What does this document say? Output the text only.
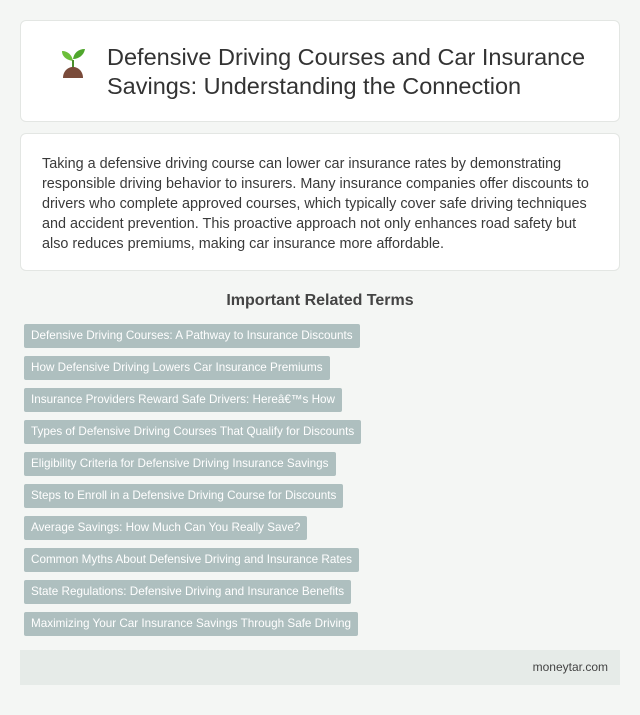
Defensive Driving Courses and Car Insurance Savings: Understanding the Connection

Taking a defensive driving course can lower car insurance rates by demonstrating responsible driving behavior to insurers. Many insurance companies offer discounts to drivers who complete approved courses, which typically cover safe driving techniques and accident prevention. This proactive approach not only enhances road safety but also reduces premiums, making car insurance more affordable.

Important Related Terms
Defensive Driving Courses: A Pathway to Insurance Discounts
How Defensive Driving Lowers Car Insurance Premiums
Insurance Providers Reward Safe Drivers: Hereâ€™s How
Types of Defensive Driving Courses That Qualify for Discounts
Eligibility Criteria for Defensive Driving Insurance Savings
Steps to Enroll in a Defensive Driving Course for Discounts
Average Savings: How Much Can You Really Save?
Common Myths About Defensive Driving and Insurance Rates
State Regulations: Defensive Driving and Insurance Benefits
Maximizing Your Car Insurance Savings Through Safe Driving
moneytar.com
